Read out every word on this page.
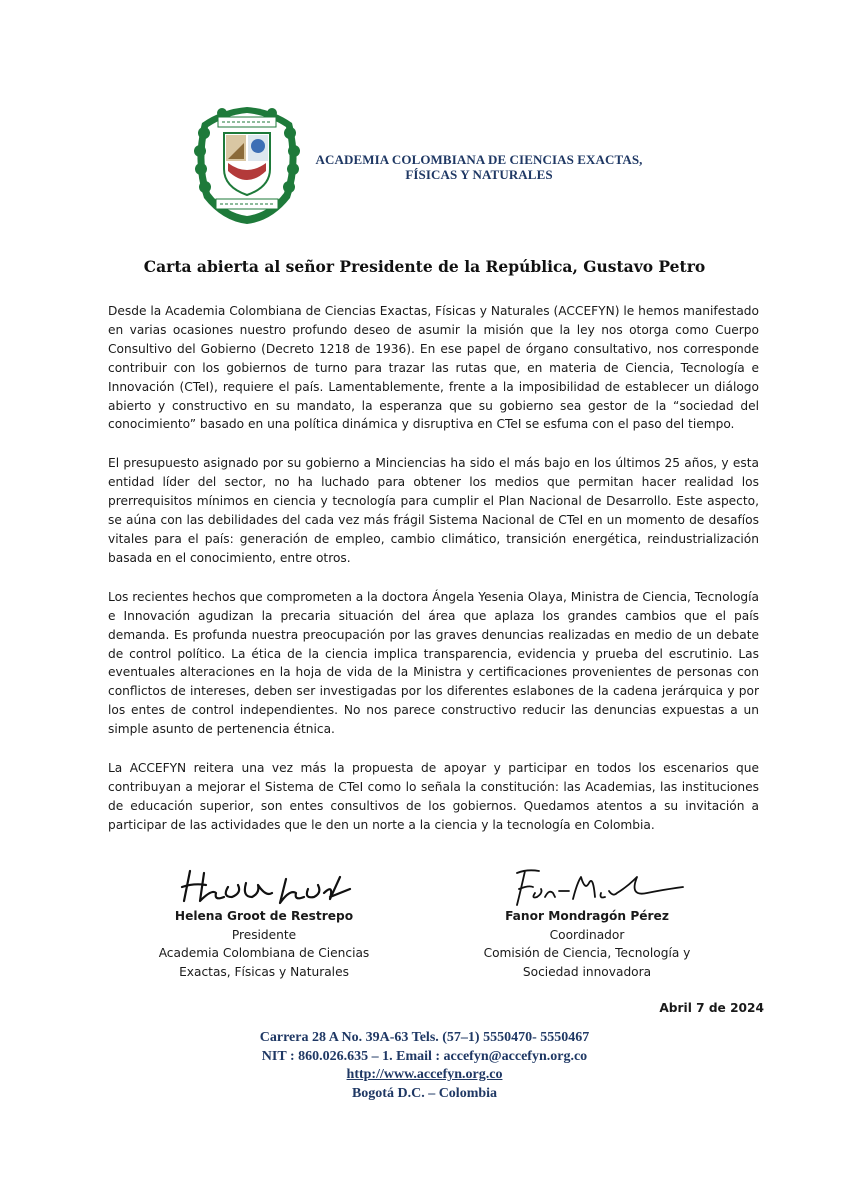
ACADEMIA COLOMBIANA DE CIENCIAS EXACTAS,
FÍSICAS Y NATURALES
Carta abierta al señor Presidente de la República, Gustavo Petro

Desde la Academia Colombiana de Ciencias Exactas, Físicas y Naturales (ACCEFYN) le hemos manifestado en varias ocasiones nuestro profundo deseo de asumir la misión que la ley nos otorga como Cuerpo Consultivo del Gobierno (Decreto 1218 de 1936). En ese papel de órgano consultativo, nos corresponde contribuir con los gobiernos de turno para trazar las rutas que, en materia de Ciencia, Tecnología e Innovación (CTeI), requiere el país. Lamentablemente, frente a la imposibilidad de establecer un diálogo abierto y constructivo en su mandato, la esperanza que su gobierno sea gestor de la “sociedad del conocimiento” basado en una política dinámica y disruptiva en CTeI se esfuma con el paso del tiempo.

El presupuesto asignado por su gobierno a Minciencias ha sido el más bajo en los últimos 25 años, y esta entidad líder del sector, no ha luchado para obtener los medios que permitan hacer realidad los prerrequisitos mínimos en ciencia y tecnología para cumplir el Plan Nacional de Desarrollo. Este aspecto, se aúna con las debilidades del cada vez más frágil Sistema Nacional de CTeI en un momento de desafíos vitales para el país: generación de empleo, cambio climático, transición energética, reindustrialización basada en el conocimiento, entre otros.

Los recientes hechos que comprometen a la doctora Ángela Yesenia Olaya, Ministra de Ciencia, Tecnología e Innovación agudizan la precaria situación del área que aplaza los grandes cambios que el país demanda. Es profunda nuestra preocupación por las graves denuncias realizadas en medio de un debate de control político. La ética de la ciencia implica transparencia, evidencia y prueba del escrutinio. Las eventuales alteraciones en la hoja de vida de la Ministra y certificaciones provenientes de personas con conflictos de intereses, deben ser investigadas por los diferentes eslabones de la cadena jerárquica y por los entes de control independientes. No nos parece constructivo reducir las denuncias expuestas a un simple asunto de pertenencia étnica.

La ACCEFYN reitera una vez más la propuesta de apoyar y participar en todos los escenarios que contribuyan a mejorar el Sistema de CTeI como lo señala la constitución: las Academias, las instituciones de educación superior, son entes consultivos de los gobiernos. Quedamos atentos a su invitación a participar de las actividades que le den un norte a la ciencia y la tecnología en Colombia.

Helena Groot de Restrepo
Presidente
Academia Colombiana de Ciencias
Exactas, Físicas y Naturales
Fanor Mondragón Pérez
Coordinador
Comisión de Ciencia, Tecnología y
Sociedad innovadora
Abril 7 de 2024
Carrera 28 A No. 39A-63 Tels. (57–1) 5550470- 5550467
NIT : 860.026.635 – 1. Email : accefyn@accefyn.org.co
http://www.accefyn.org.co
Bogotá D.C. – Colombia
